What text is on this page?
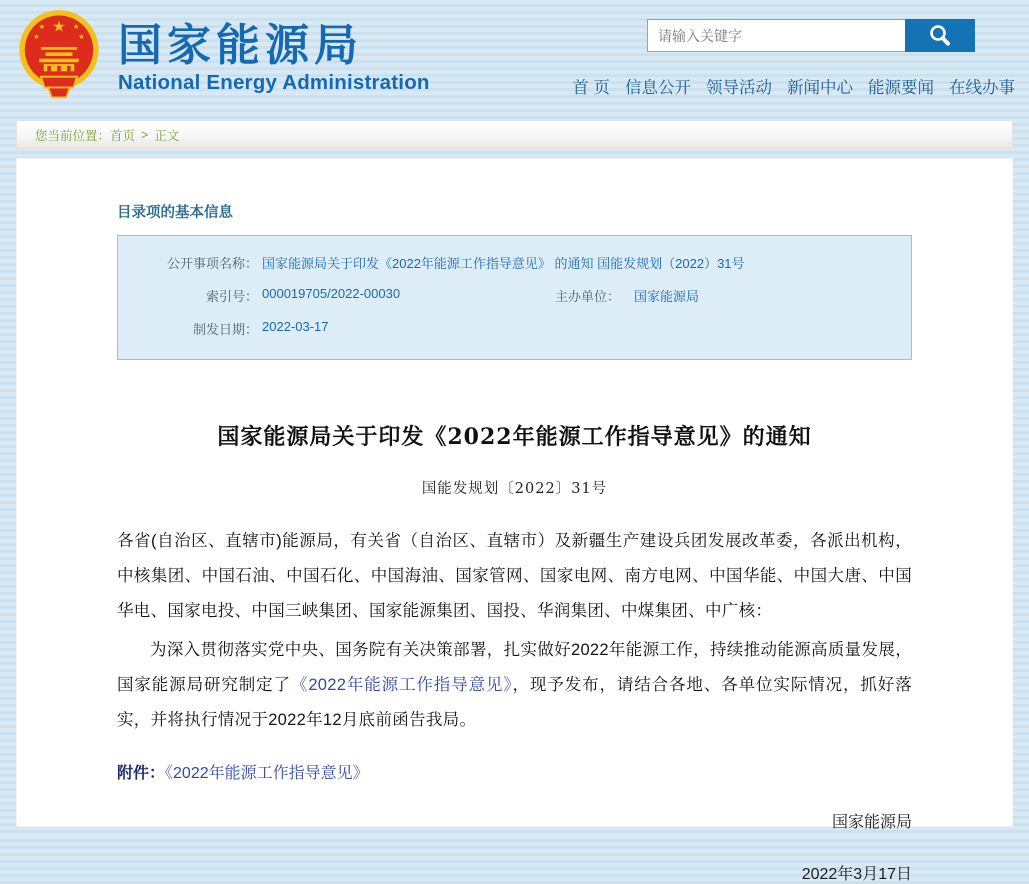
★
★	★
★	★ 国家能源局
National Energy Administration
请输入关键字	首 页 信息公开 领导活动 新闻中心 能源要闻 在线办事
您当前位置： 首页 > 正文
目录项的基本信息
公开事项名称： 国家能源局关于印发《2022年能源工作指导意见》 的通知 国能发规划（2022）31号
索引号： 000019705/2022-00030	主办单位： 国家能源局
制发日期： 2022-03-17
国家能源局关于印发《2022年能源工作指导意见》的通知
国能发规划〔2022〕31号
各省(自治区、直辖市)能源局，有关省（自治区、直辖市）及新疆生产建设兵团发展改革委，各派出机构，中核集团、中国石油、中国石化、中国海油、国家管网、国家电网、南方电网、中国华能、中国大唐、中国华电、国家电投、中国三峡集团、国家能源集团、国投、华润集团、中煤集团、中广核：
为深入贯彻落实党中央、国务院有关决策部署，扎实做好2022年能源工作，持续推动能源高质量发展，国家能源局研究制定了《2022年能源工作指导意见》，现予发布，请结合各地、各单位实际情况，抓好落实，并将执行情况于2022年12月底前函告我局。
附件：《2022年能源工作指导意见》
国家能源局
2022年3月17日
